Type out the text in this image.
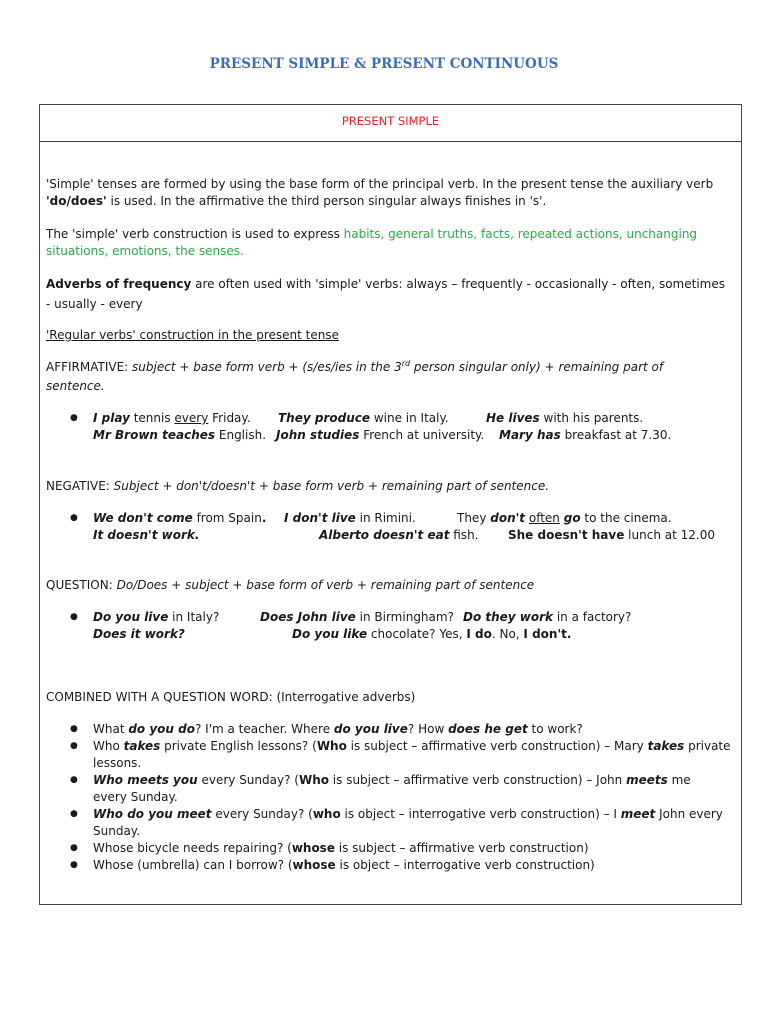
PRESENT SIMPLE & PRESENT CONTINUOUS
PRESENT SIMPLE
'Simple' tenses are formed by using the base form of the principal verb. In the present tense the auxiliary verb
'do/does' is used. In the affirmative the third person singular always finishes in 's'.
The 'simple' verb construction is used to express habits, general truths, facts, repeated actions, unchanging
situations, emotions, the senses.
Adverbs of frequency are often used with 'simple' verbs: always – frequently - occasionally - often, sometimes
- usually - every
'Regular verbs' construction in the present tense
AFFIRMATIVE: subject + base form verb + (s/es/ies in the 3rd person singular only) + remaining part of
sentence.
● I play tennis every Friday. They produce wine in Italy.	He lives with his parents.
Mr Brown teaches English. John studies French at university. Mary has breakfast at 7.30.
NEGATIVE: Subject + don't/doesn't + base form verb + remaining part of sentence.
● We don't come from Spain. I don't live in Rimini.	They don't often go to the cinema.
It doesn't work.	Alberto doesn't eat fish. She doesn't have lunch at 12.00
QUESTION: Do/Does + subject + base form of verb + remaining part of sentence
● Do you live in Italy?	Does John live in Birmingham? Do they work in a factory?
Does it work?	Do you like chocolate? Yes, I do. No, I don't.
COMBINED WITH A QUESTION WORD: (Interrogative adverbs)
● What do you do? I'm a teacher. Where do you live? How does he get to work?
● Who takes private English lessons? (Who is subject – affirmative verb construction) – Mary takes private
lessons.
● Who meets you every Sunday? (Who is subject – affirmative verb construction) – John meets me
every Sunday.
● Who do you meet every Sunday? (who is object – interrogative verb construction) – I meet John every
Sunday.
● Whose bicycle needs repairing? (whose is subject – affirmative verb construction)
● Whose (umbrella) can I borrow? (whose is object – interrogative verb construction)
